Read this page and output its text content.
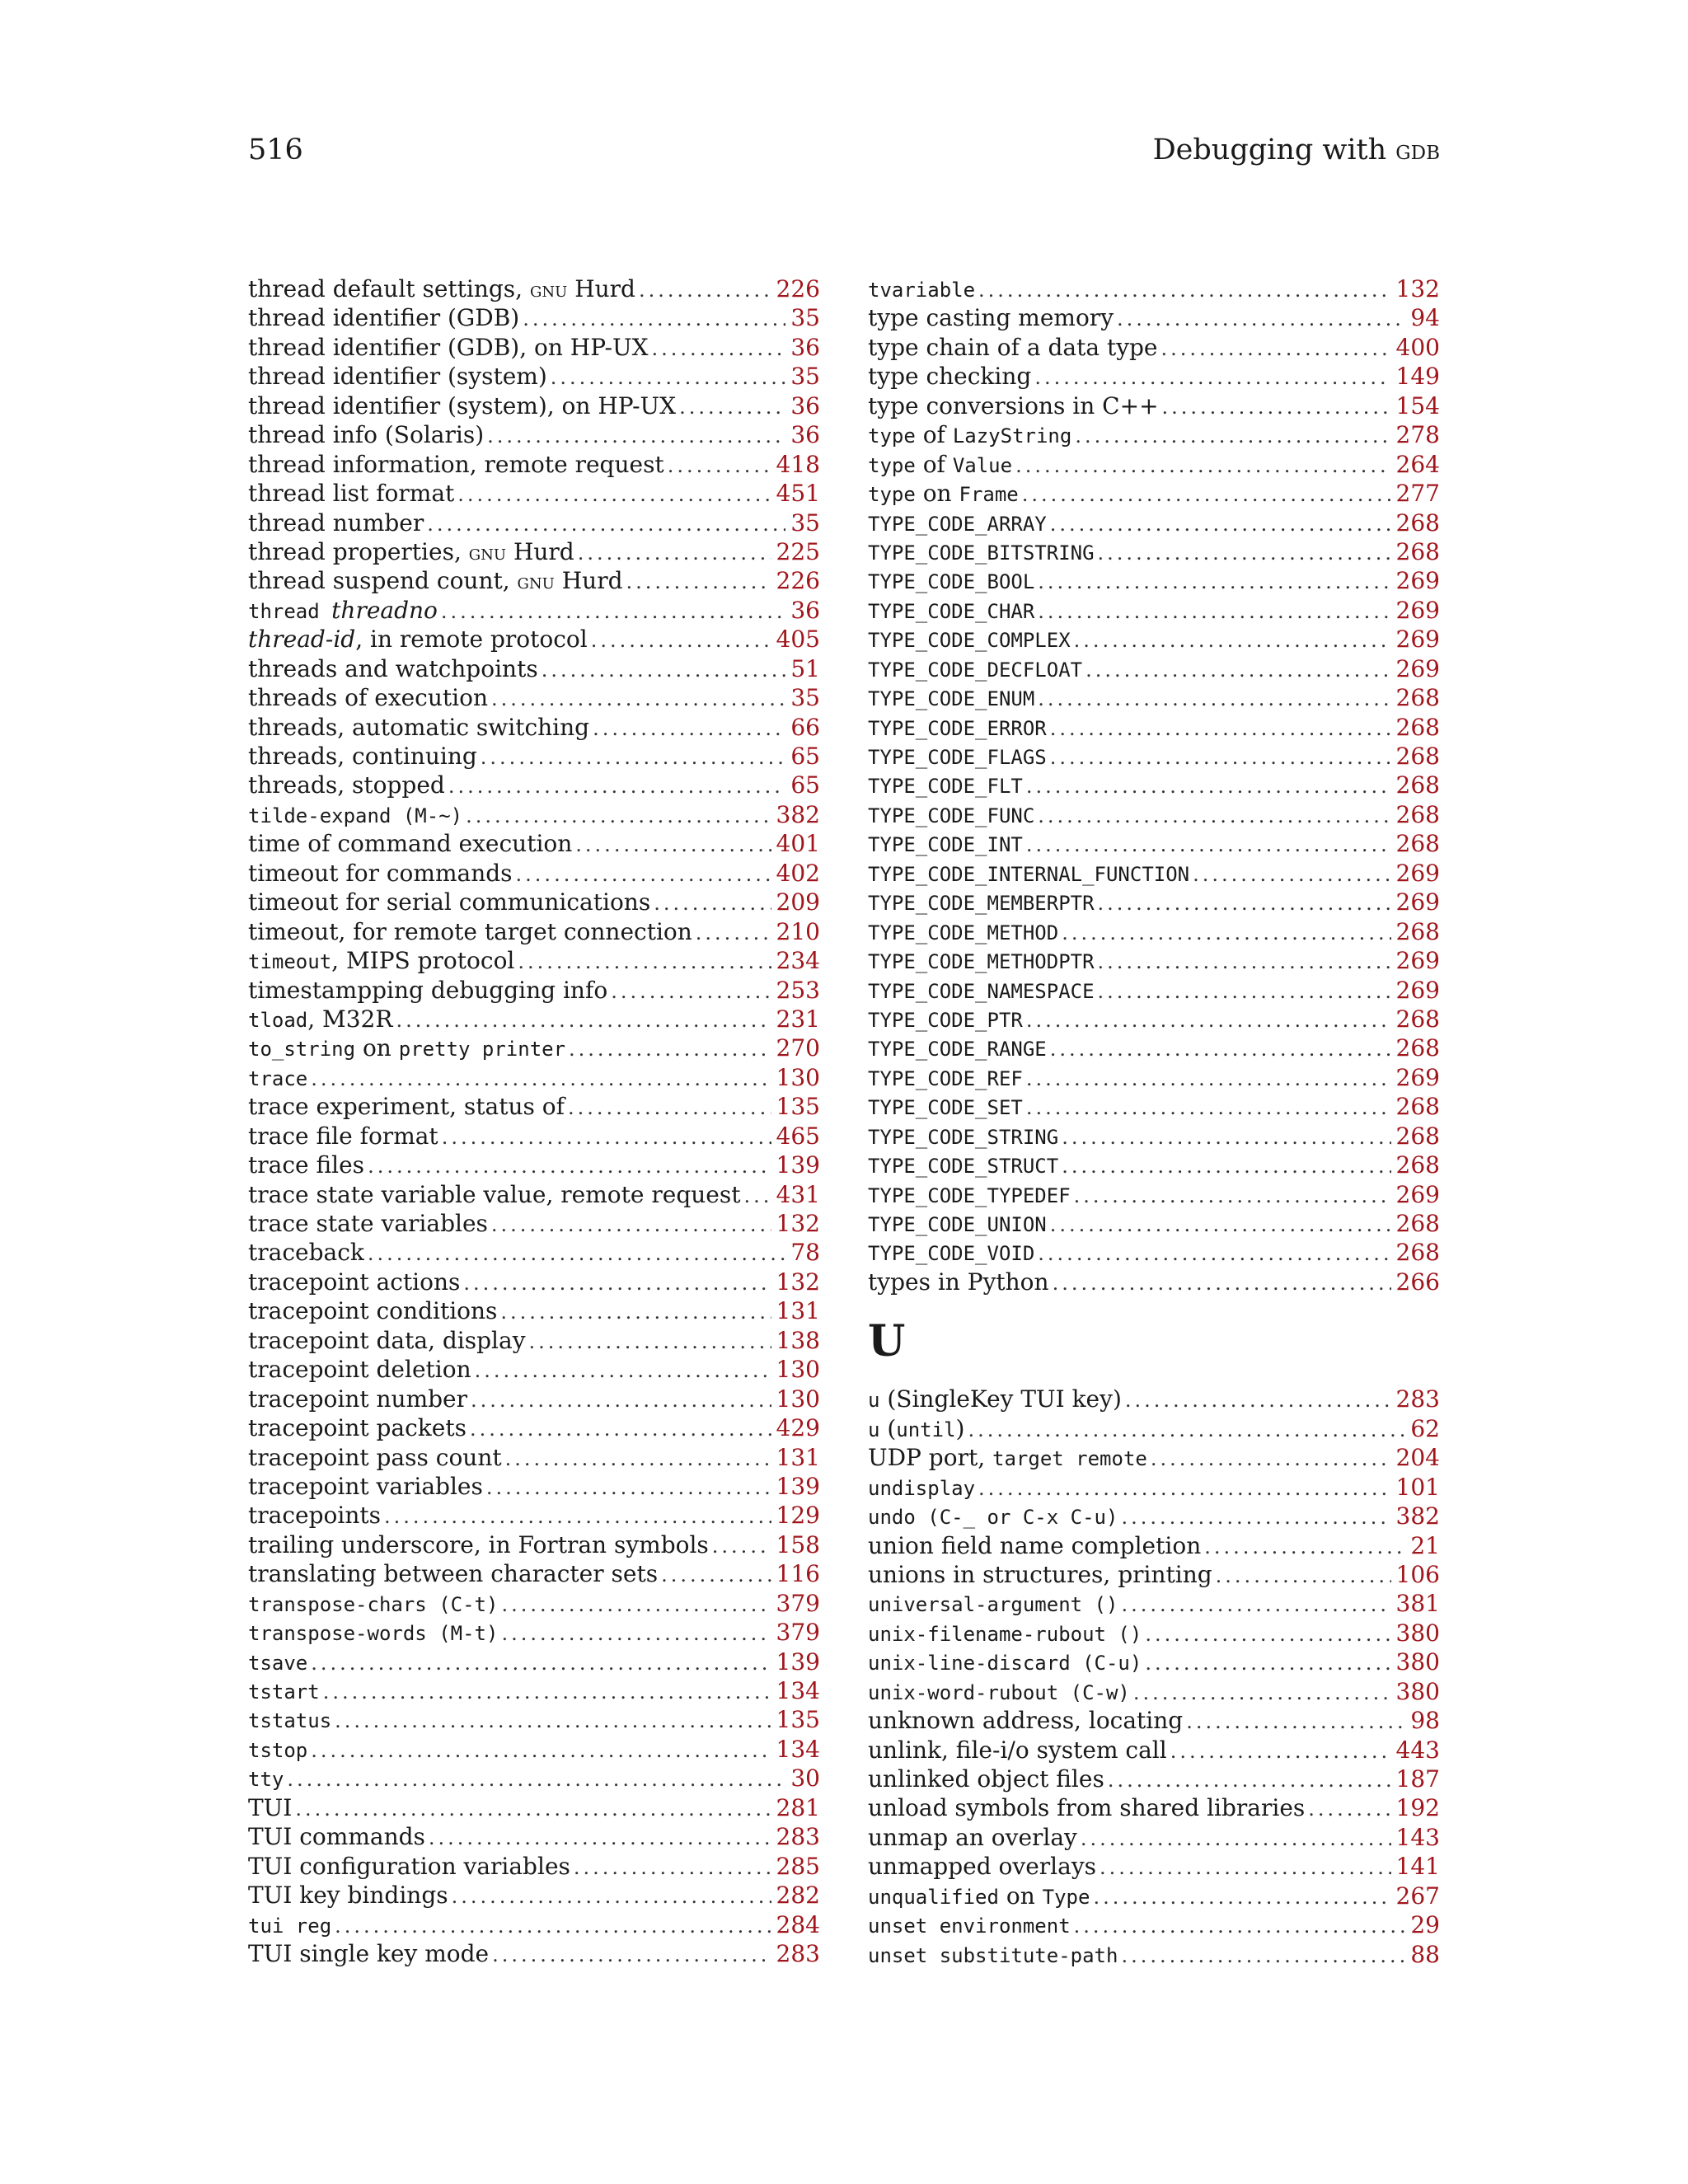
516	Debugging with gdb
thread default settings, gnu Hurd .....	226
thread identifier (GDB) .....	35
thread identifier (GDB), on HP-UX .....	36
thread identifier (system) .....	35
thread identifier (system), on HP-UX .....	36
thread info (Solaris) .....	36
thread information, remote request .....	418
thread list format .....	451
thread number .....	35
thread properties, gnu Hurd .....	225
thread suspend count, gnu Hurd .....	226
thread threadno .....	36
thread-id, in remote protocol .....	405
threads and watchpoints .....	51
threads of execution .....	35
threads, automatic switching .....	66
threads, continuing .....	65
threads, stopped .....	65
tilde-expand (M-~) .....	382
time of command execution .....	401
timeout for commands .....	402
timeout for serial communications .....	209
timeout, for remote target connection .....	210
timeout, MIPS protocol .....	234
timestampping debugging info .....	253
tload, M32R .....	231
to_string on pretty printer .....	270
trace .....	130
trace experiment, status of .....	135
trace file format .....	465
trace files .....	139
trace state variable value, remote request ..... 431
trace state variables .....	132
traceback .....	78
tracepoint actions .....	132
tracepoint conditions .....	131
tracepoint data, display .....	138
tracepoint deletion .....	130
tracepoint number .....	130
tracepoint packets .....	429
tracepoint pass count .....	131
tracepoint variables .....	139
tracepoints .....	129
trailing underscore, in Fortran symbols .....	158
translating between character sets .....	116
transpose-chars (C-t) .....	379
transpose-words (M-t) .....	379
tsave .....	139
tstart .....	134
tstatus .....	135
tstop .....	134
tty .....	30
TUI .....	281
TUI commands .....	283
TUI configuration variables .....	285
TUI key bindings .....	282
tui reg .....	284
TUI single key mode .....	283
tvariable .....	132
type casting memory .....	94
type chain of a data type .....	400
type checking .....	149
type conversions in C++ .....	154
type of LazyString .....	278
type of Value .....	264
type on Frame .....	277
TYPE_CODE_ARRAY .....	268
TYPE_CODE_BITSTRING .....	268
TYPE_CODE_BOOL .....	269
TYPE_CODE_CHAR .....	269
TYPE_CODE_COMPLEX .....	269
TYPE_CODE_DECFLOAT .....	269
TYPE_CODE_ENUM .....	268
TYPE_CODE_ERROR .....	268
TYPE_CODE_FLAGS .....	268
TYPE_CODE_FLT .....	268
TYPE_CODE_FUNC .....	268
TYPE_CODE_INT .....	268
TYPE_CODE_INTERNAL_FUNCTION .....	269
TYPE_CODE_MEMBERPTR .....	269
TYPE_CODE_METHOD .....	268
TYPE_CODE_METHODPTR .....	269
TYPE_CODE_NAMESPACE .....	269
TYPE_CODE_PTR .....	268
TYPE_CODE_RANGE .....	268
TYPE_CODE_REF .....	269
TYPE_CODE_SET .....	268
TYPE_CODE_STRING .....	268
TYPE_CODE_STRUCT .....	268
TYPE_CODE_TYPEDEF .....	269
TYPE_CODE_UNION .....	268
TYPE_CODE_VOID .....	268
types in Python .....	266
U
u (SingleKey TUI key) .....	283
u (until) .....	62
UDP port, target remote .....	204
undisplay .....	101
undo (C-_ or C-x C-u) .....	382
union field name completion .....	21
unions in structures, printing .....	106
universal-argument () .....	381
unix-filename-rubout () .....	380
unix-line-discard (C-u) .....	380
unix-word-rubout (C-w) .....	380
unknown address, locating .....	98
unlink, file-i/o system call .....	443
unlinked object files .....	187
unload symbols from shared libraries .....	192
unmap an overlay .....	143
unmapped overlays .....	141
unqualified on Type .....	267
unset environment .....	29
unset substitute-path .....	88
